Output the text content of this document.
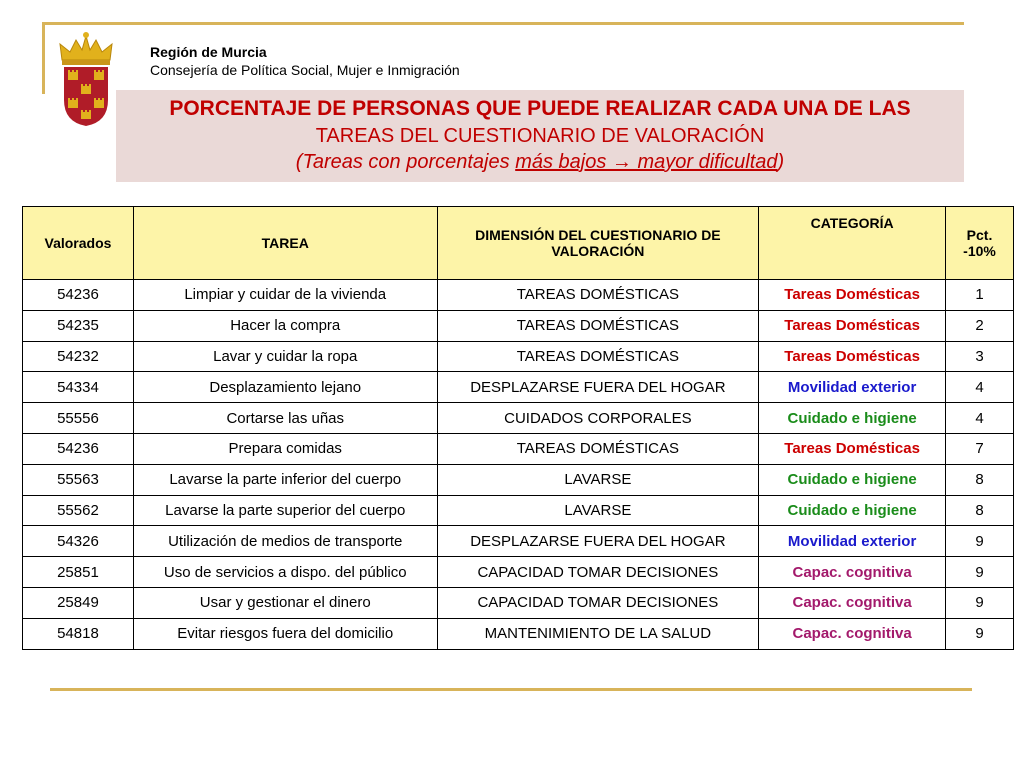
Región de Murcia
Consejería de Política Social, Mujer e Inmigración
PORCENTAJE DE PERSONAS QUE PUEDE REALIZAR CADA UNA DE LAS
TAREAS DEL CUESTIONARIO DE VALORACIÓN
(Tareas con porcentajes más bajos → mayor dificultad)
Valorados	TAREA	DIMENSIÓN DEL CUESTIONARIO DE VALORACIÓN	CATEGORÍA	Pct.
-10%
54236	Limpiar y cuidar de la vivienda	TAREAS DOMÉSTICAS	Tareas Domésticas	1
54235	Hacer la compra	TAREAS DOMÉSTICAS	Tareas Domésticas	2
54232	Lavar y cuidar la ropa	TAREAS DOMÉSTICAS	Tareas Domésticas	3
54334	Desplazamiento lejano	DESPLAZARSE FUERA DEL HOGAR	Movilidad exterior	4
55556	Cortarse las uñas	CUIDADOS CORPORALES	Cuidado e higiene	4
54236	Prepara comidas	TAREAS DOMÉSTICAS	Tareas Domésticas	7
55563	Lavarse la parte inferior del cuerpo	LAVARSE	Cuidado e higiene	8
55562	Lavarse la parte superior del cuerpo	LAVARSE	Cuidado e higiene	8
54326	Utilización de medios de transporte	DESPLAZARSE FUERA DEL HOGAR	Movilidad exterior	9
25851	Uso de servicios a dispo. del público	CAPACIDAD TOMAR DECISIONES	Capac. cognitiva	9
25849	Usar y gestionar el dinero	CAPACIDAD TOMAR DECISIONES	Capac. cognitiva	9
54818	Evitar riesgos fuera del domicilio	MANTENIMIENTO DE LA SALUD	Capac. cognitiva	9
